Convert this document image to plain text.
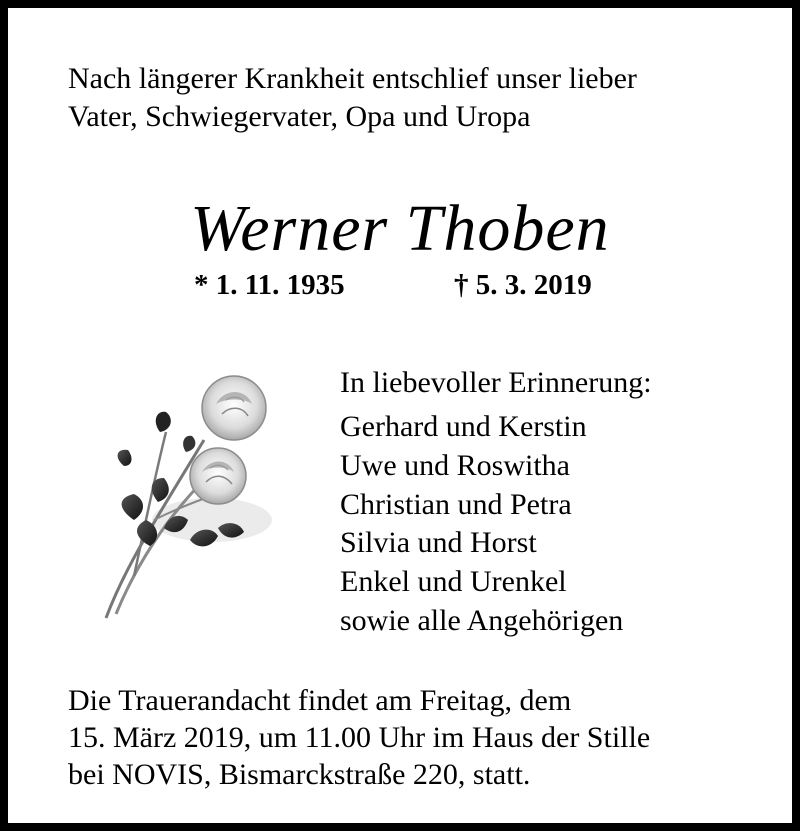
Nach längerer Krankheit entschlief unser lieber
Vater, Schwiegervater, Opa und Uropa
Werner Thoben
* 1. 11. 1935	† 5. 3. 2019
In liebevoller Erinnerung:
Gerhard und Kerstin
Uwe und Roswitha
Christian und Petra
Silvia und Horst
Enkel und Urenkel
sowie alle Angehörigen
Die Trauerandacht findet am Freitag, dem
15. März 2019, um 11.00 Uhr im Haus der Stille
bei NOVIS, Bismarckstraße 220, statt.
